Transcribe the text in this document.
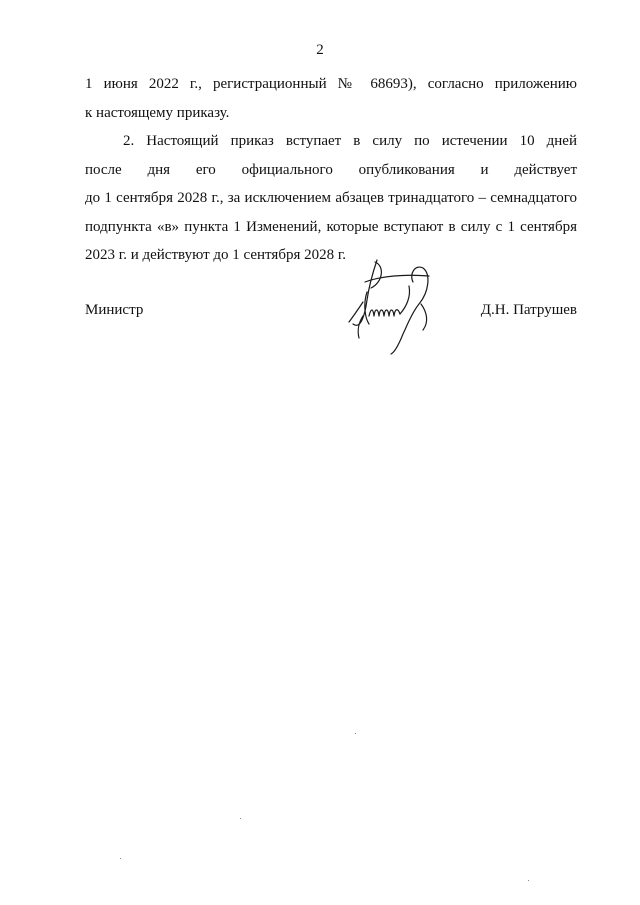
2

1 июня 2022 г., регистрационный № 68693), согласно приложению
к настоящему приказу.

2. Настоящий приказ вступает в силу по истечении 10 дней
после дня его официального опубликования и действует
до 1 сентября 2028 г., за исключением абзацев тринадцатого – семнадцатого
подпункта «в» пункта 1 Изменений, которые вступают в силу с 1 сентября
2023 г. и действуют до 1 сентября 2028 г.

Министр	Д.Н. Патрушев
